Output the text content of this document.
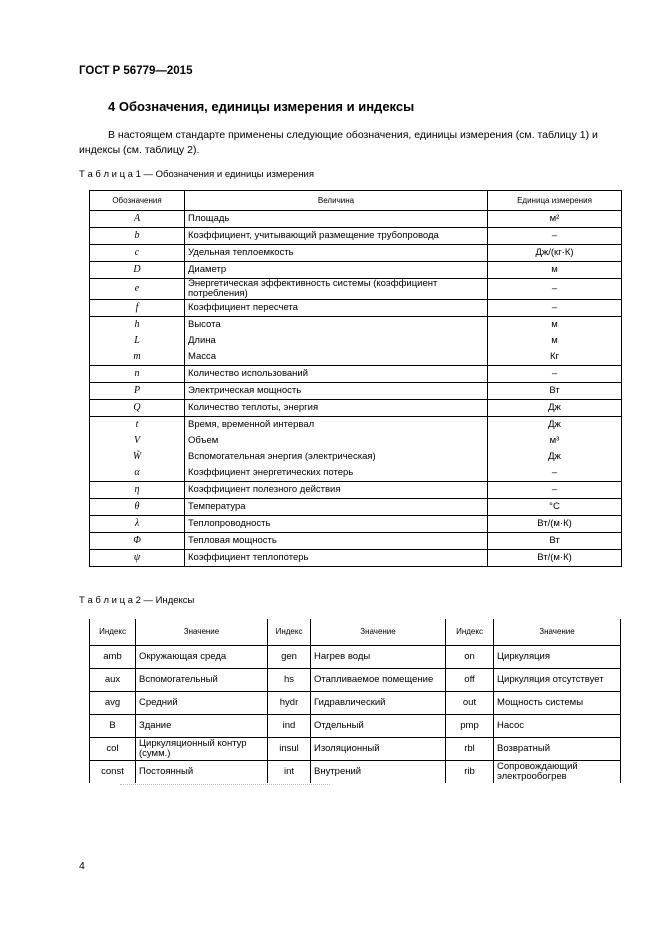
ГОСТ Р 56779—2015
4 Обозначения, единицы измерения и индексы
В настоящем стандарте применены следующие обозначения, единицы измерения (см. таблицу 1) и индексы (см. таблицу 2).
Т а б л и ц а 1 — Обозначения и единицы измерения
Обозначения	Величина	Единица измерения
A	Площадь	м²
b	Коэффициент, учитывающий размещение трубопровода	–
c	Удельная теплоемкость	Дж/(кг·К)
D	Диаметр	м
e	Энергетическая эффективность системы (коэффициент потребления)	–
f	Коэффициент пересчета	–
h	Высота	м
L	Длина	м
m	Масса	Кг
n	Количество использований	–
P	Электрическая мощность	Вт
Q	Количество теплоты, энергия	Дж
t	Время, временной интервал	Дж
V	Объем	м³
W̃	Вспомогательная энергия (электрическая)	Дж
α	Коэффициент энергетических потерь	–
η	Коэффициент полезного действия	–
θ	Температура	°С
λ	Теплопроводность	Вт/(м·К)
Φ	Тепловая мощность	Вт
ψ	Коэффициент теплопотерь	Вт/(м·К)
Т а б л и ц а 2 — Индексы
Индекс	Значение	Индекс	Значение	Индекс	Значение
amb	Окружающая среда	gen	Нагрев воды	on	Циркуляция
aux	Вспомогательный	hs	Отапливаемое помещение	off	Циркуляция отсутствует
avg	Средний	hydr	Гидравлический	out	Мощность системы
B	Здание	ind	Отдельный	pmp	Насос
col	Циркуляционный контур (сумм.)	insul	Изоляционный	rbl	Возвратный
const	Постоянный	int	Внутрений	rib	Сопровождающий электрообогрев
4
